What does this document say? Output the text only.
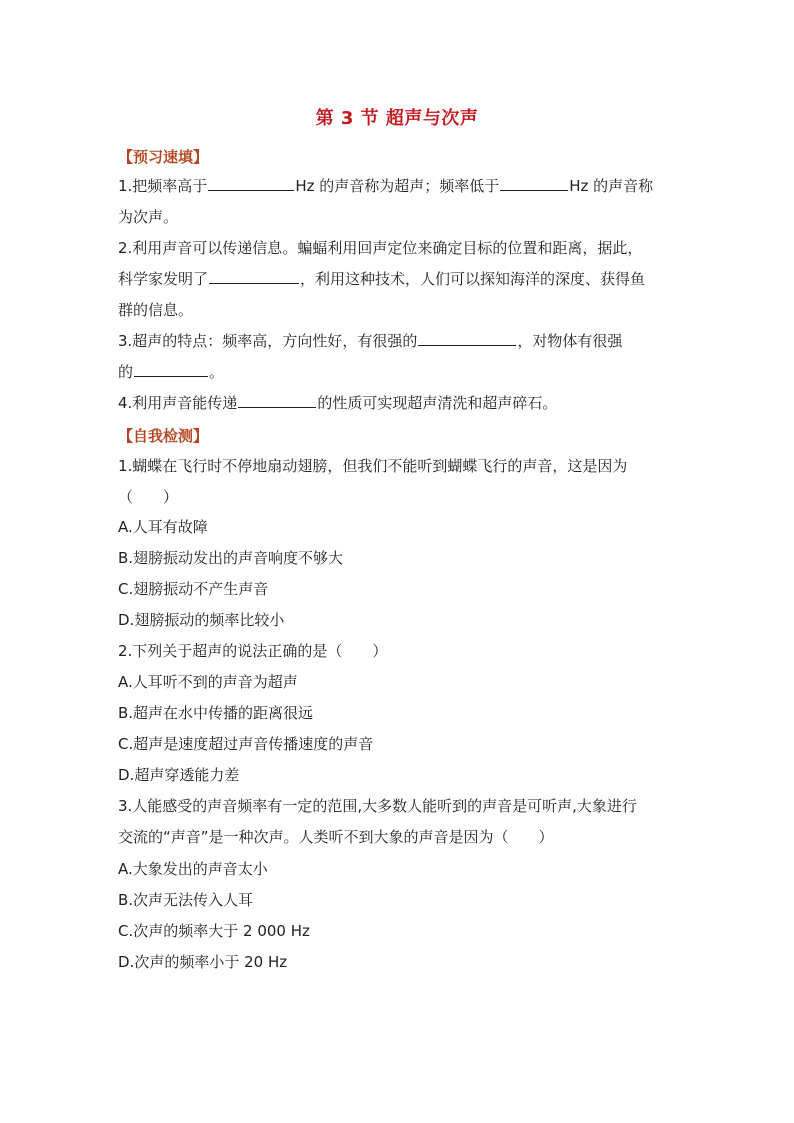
第 3 节 超声与次声
【预习速填】
1.把频率高于	Hz 的声音称为超声；频率低于	Hz 的声音称
为次声。
2.利用声音可以传递信息。蝙蝠利用回声定位来确定目标的位置和距离，据此，
科学家发明了	，利用这种技术，人们可以探知海洋的深度、获得鱼
群的信息。
3.超声的特点：频率高，方向性好，有很强的	，对物体有很强
的	。
4.利用声音能传递	的性质可实现超声清洗和超声碎石。
【自我检测】
1.蝴蝶在飞行时不停地扇动翅膀，但我们不能听到蝴蝶飞行的声音，这是因为
（　　）
A.人耳有故障
B.翅膀振动发出的声音响度不够大
C.翅膀振动不产生声音
D.翅膀振动的频率比较小
2.下列关于超声的说法正确的是（　　）
A.人耳听不到的声音为超声
B.超声在水中传播的距离很远
C.超声是速度超过声音传播速度的声音
D.超声穿透能力差
3.人能感受的声音频率有一定的范围,大多数人能听到的声音是可听声,大象进行
交流的“声音”是一种次声。人类听不到大象的声音是因为（　　）
A.大象发出的声音太小
B.次声无法传入人耳
C.次声的频率大于 2 000 Hz
D.次声的频率小于 20 Hz
